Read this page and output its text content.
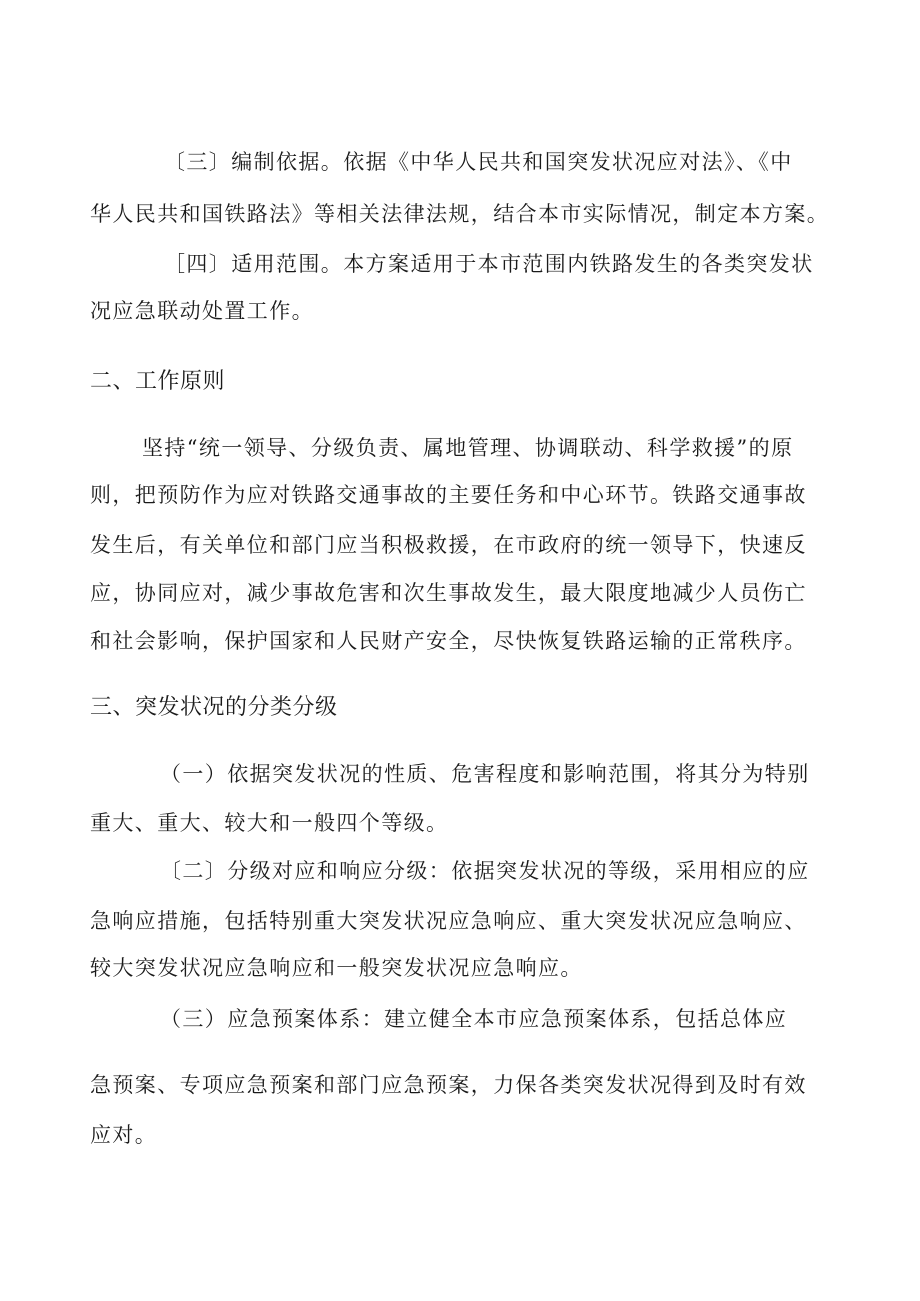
〔三〕编制依据。依据《中华人民共和国突发状况应对法》、《中
华人民共和国铁路法》等相关法律法规，结合本市实际情况，制定本方案。
［四〕适用范围。本方案适用于本市范围内铁路发生的各类突发状
况应急联动处置工作。
二、工作原则
坚持“统一领导、分级负责、属地管理、协调联动、科学救援”的原
则，把预防作为应对铁路交通事故的主要任务和中心环节。铁路交通事故
发生后，有关单位和部门应当积极救援，在市政府的统一领导下，快速反
应，协同应对，减少事故危害和次生事故发生，最大限度地减少人员伤亡
和社会影响，保护国家和人民财产安全，尽快恢复铁路运输的正常秩序。
三、突发状况的分类分级
（一）依据突发状况的性质、危害程度和影响范围，将其分为特别
重大、重大、较大和一般四个等级。
〔二〕分级对应和响应分级：依据突发状况的等级，采用相应的应
急响应措施，包括特别重大突发状况应急响应、重大突发状况应急响应、
较大突发状况应急响应和一般突发状况应急响应。
（三）应急预案体系：建立健全本市应急预案体系，包括总体应
急预案、专项应急预案和部门应急预案，力保各类突发状况得到及时有效
应对。
